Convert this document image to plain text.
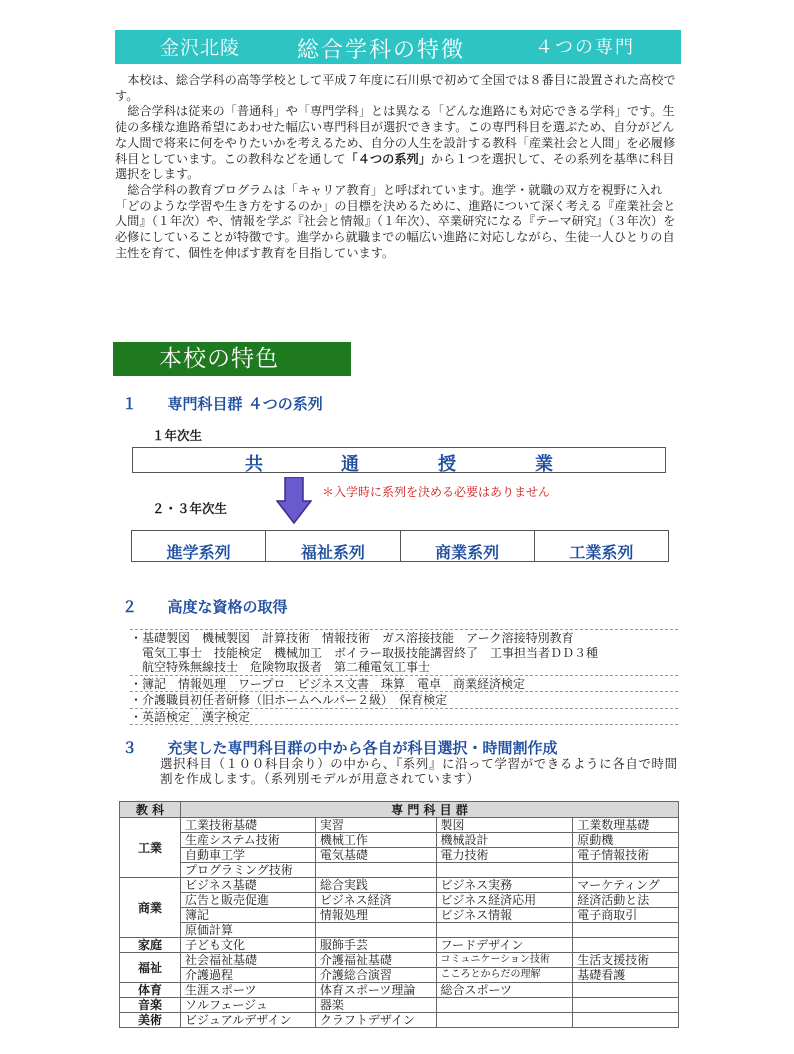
金沢北陵	総合学科の特徴	４つの専門

本校は、総合学科の高等学校として平成７年度に石川県で初めて全国では８番目に設置された高校です。

総合学科は従来の「普通科」や「専門学科」とは異なる「どんな進路にも対応できる学科」です。生徒の多様な進路希望にあわせた幅広い専門科目が選択できます。この専門科目を選ぶため、自分がどんな人間で将来に何をやりたいかを考えるため、自分の人生を設計する教科「産業社会と人間」を必履修科目としています。この教科などを通して「４つの系列」から１つを選択して、その系列を基準に科目選択をします。

総合学科の教育プログラムは「キャリア教育」と呼ばれています。進学・就職の双方を視野に入れ「どのような学習や生き方をするのか」の目標を決めるために、進路について深く考える『産業社会と人間』（１年次）や、情報を学ぶ『社会と情報』（１年次）、卒業研究になる『テーマ研究』（３年次）を必修にしていることが特徴です。進学から就職までの幅広い進路に対応しながら、生徒一人ひとりの自主性を育て、個性を伸ばす教育を目指しています。

本校の特色
１ 専門科目群 ４つの系列
１年次生
共	通	授	業
＊入学時に系列を決める必要はありません
２・３年次生
進学系列	福祉系列	商業系列	工業系列
２ 高度な資格の取得
・基礎製図　機械製図　計算技術　情報技術　ガス溶接技能　アーク溶接特別教育
電気工事士　技能検定　機械加工　ボイラー取扱技能講習終了　工事担当者ＤＤ３種
航空特殊無線技士　危険物取扱者　第二種電気工事士
・簿記　情報処理　ワープロ　ビジネス文書　珠算　電卓　商業経済検定
・介護職員初任者研修（旧ホームヘルパー２級）　保育検定
・英語検定　漢字検定
３ 充実した専門科目群の中から各自が科目選択・時間割作成
選択科目（１００科目余り）の中から、『系列』に沿って学習ができるように各自で時間割を作成します。（系列別モデルが用意されています）
教 科	専 門 科 目 群			
工業	工業技術基礎	実習	製図	工業数理基礎
	生産システム技術	機械工作	機械設計	原動機
	自動車工学	電気基礎	電力技術	電子情報技術
	プログラミング技術			
商業	ビジネス基礎	総合実践	ビジネス実務	マーケティング
	広告と販売促進	ビジネス経済	ビジネス経済応用	経済活動と法
	簿記	情報処理	ビジネス情報	電子商取引
	原価計算			
家庭	子ども文化	服飾手芸	フードデザイン	
福祉	社会福祉基礎	介護福祉基礎	コミュニケーション技術	生活支援技術
	介護過程	介護総合演習	こころとからだの理解	基礎看護
体育	生涯スポーツ	体育スポーツ理論	総合スポーツ	
音楽	ソルフェージュ	器楽		
美術	ビジュアルデザイン	クラフトデザイン		
